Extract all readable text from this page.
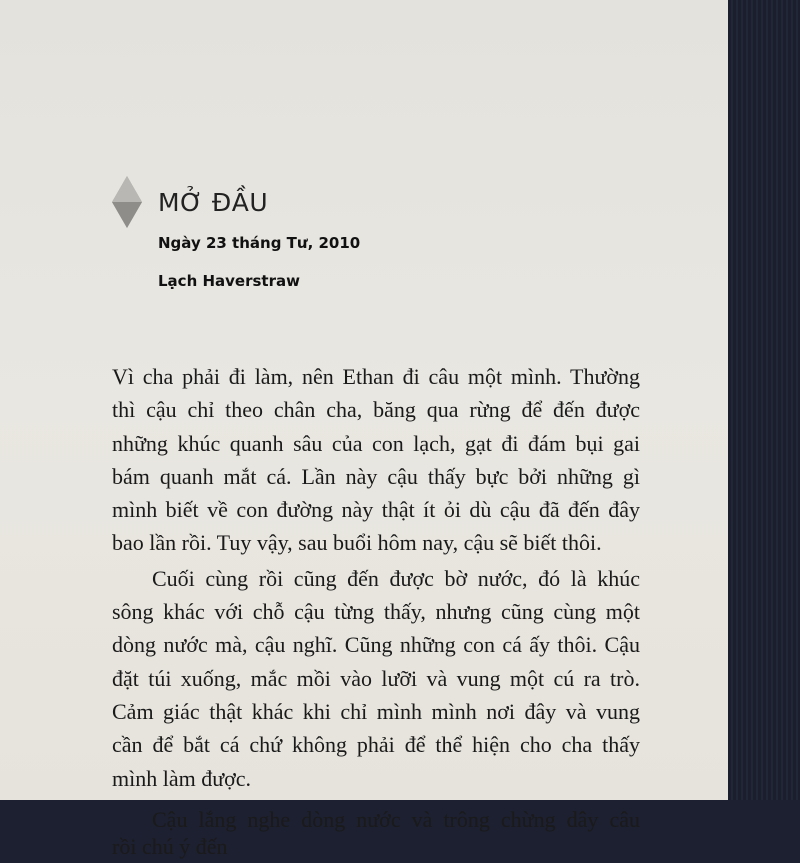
MỞ ĐẦU
Ngày 23 tháng Tư, 2010
Lạch Haverstraw
Vì cha phải đi làm, nên Ethan đi câu một mình. Thường
thì cậu chỉ theo chân cha, băng qua rừng để đến được
những khúc quanh sâu của con lạch, gạt đi đám bụi gai
bám quanh mắt cá. Lần này cậu thấy bực bởi những gì
mình biết về con đường này thật ít ỏi dù cậu đã đến đây
bao lần rồi. Tuy vậy, sau buổi hôm nay, cậu sẽ biết thôi.
Cuối cùng rồi cũng đến được bờ nước, đó là khúc
sông khác với chỗ cậu từng thấy, nhưng cũng cùng một
dòng nước mà, cậu nghĩ. Cũng những con cá ấy thôi. Cậu
đặt túi xuống, mắc mồi vào lưỡi và vung một cú ra trò.
Cảm giác thật khác khi chỉ mình mình nơi đây và vung
cần để bắt cá chứ không phải để thể hiện cho cha thấy
mình làm được.
Cậu lắng nghe dòng nước và trông chừng dây câu
rồi chú ý đến
